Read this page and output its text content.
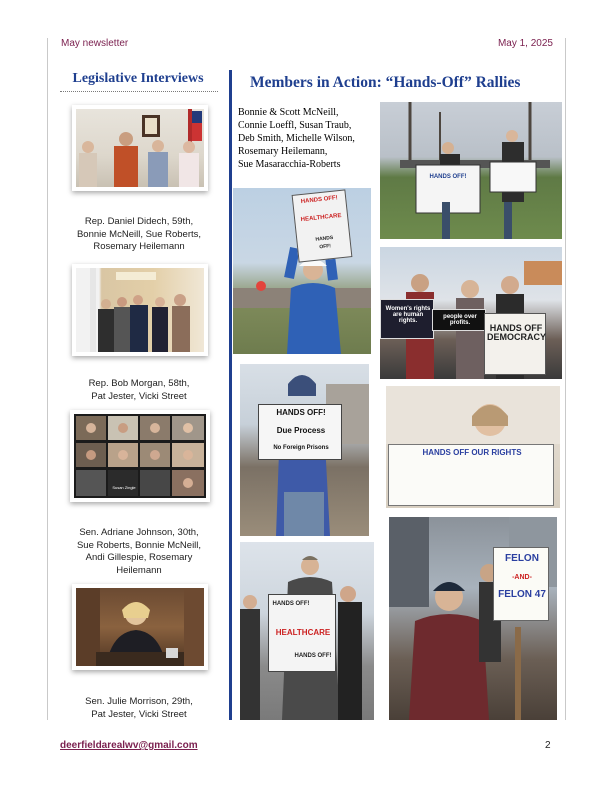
May newsletter	May 1, 2025
Legislative Interviews
Rep. Daniel Didech, 59th,
Bonnie McNeill, Sue Roberts,
Rosemary Heilemann
Rep. Bob Morgan, 58th,
Pat Jester, Vicki Street
Susan Zingle
Sen. Adriane Johnson, 30th,
Sue Roberts, Bonnie McNeill,
Andi Gillespie, Rosemary
Heilemann
Sen. Julie Morrison, 29th,
Pat Jester, Vicki Street
Members in Action: “Hands-Off” Rallies
Bonnie & Scott McNeill,
Connie Loeffl, Susan Traub,
Deb Smith, Michelle Wilson,
Rosemary Heilemann,
Sue Masaracchia-Roberts
HANDS OFF!
HANDS OFF!
HEALTHCARE
HANDS
OFF!
Women's rights are human rights.
people over profits.	HANDS OFF DEMOCRACY
HANDS OFF!
Due Process
No Foreign Prisons	HANDS OFF OUR RIGHTS
HANDS OFF!
HEALTHCARE
HANDS OFF!
FELON
-AND-
FELON 47
deerfieldarealwv@gmail.com	2
